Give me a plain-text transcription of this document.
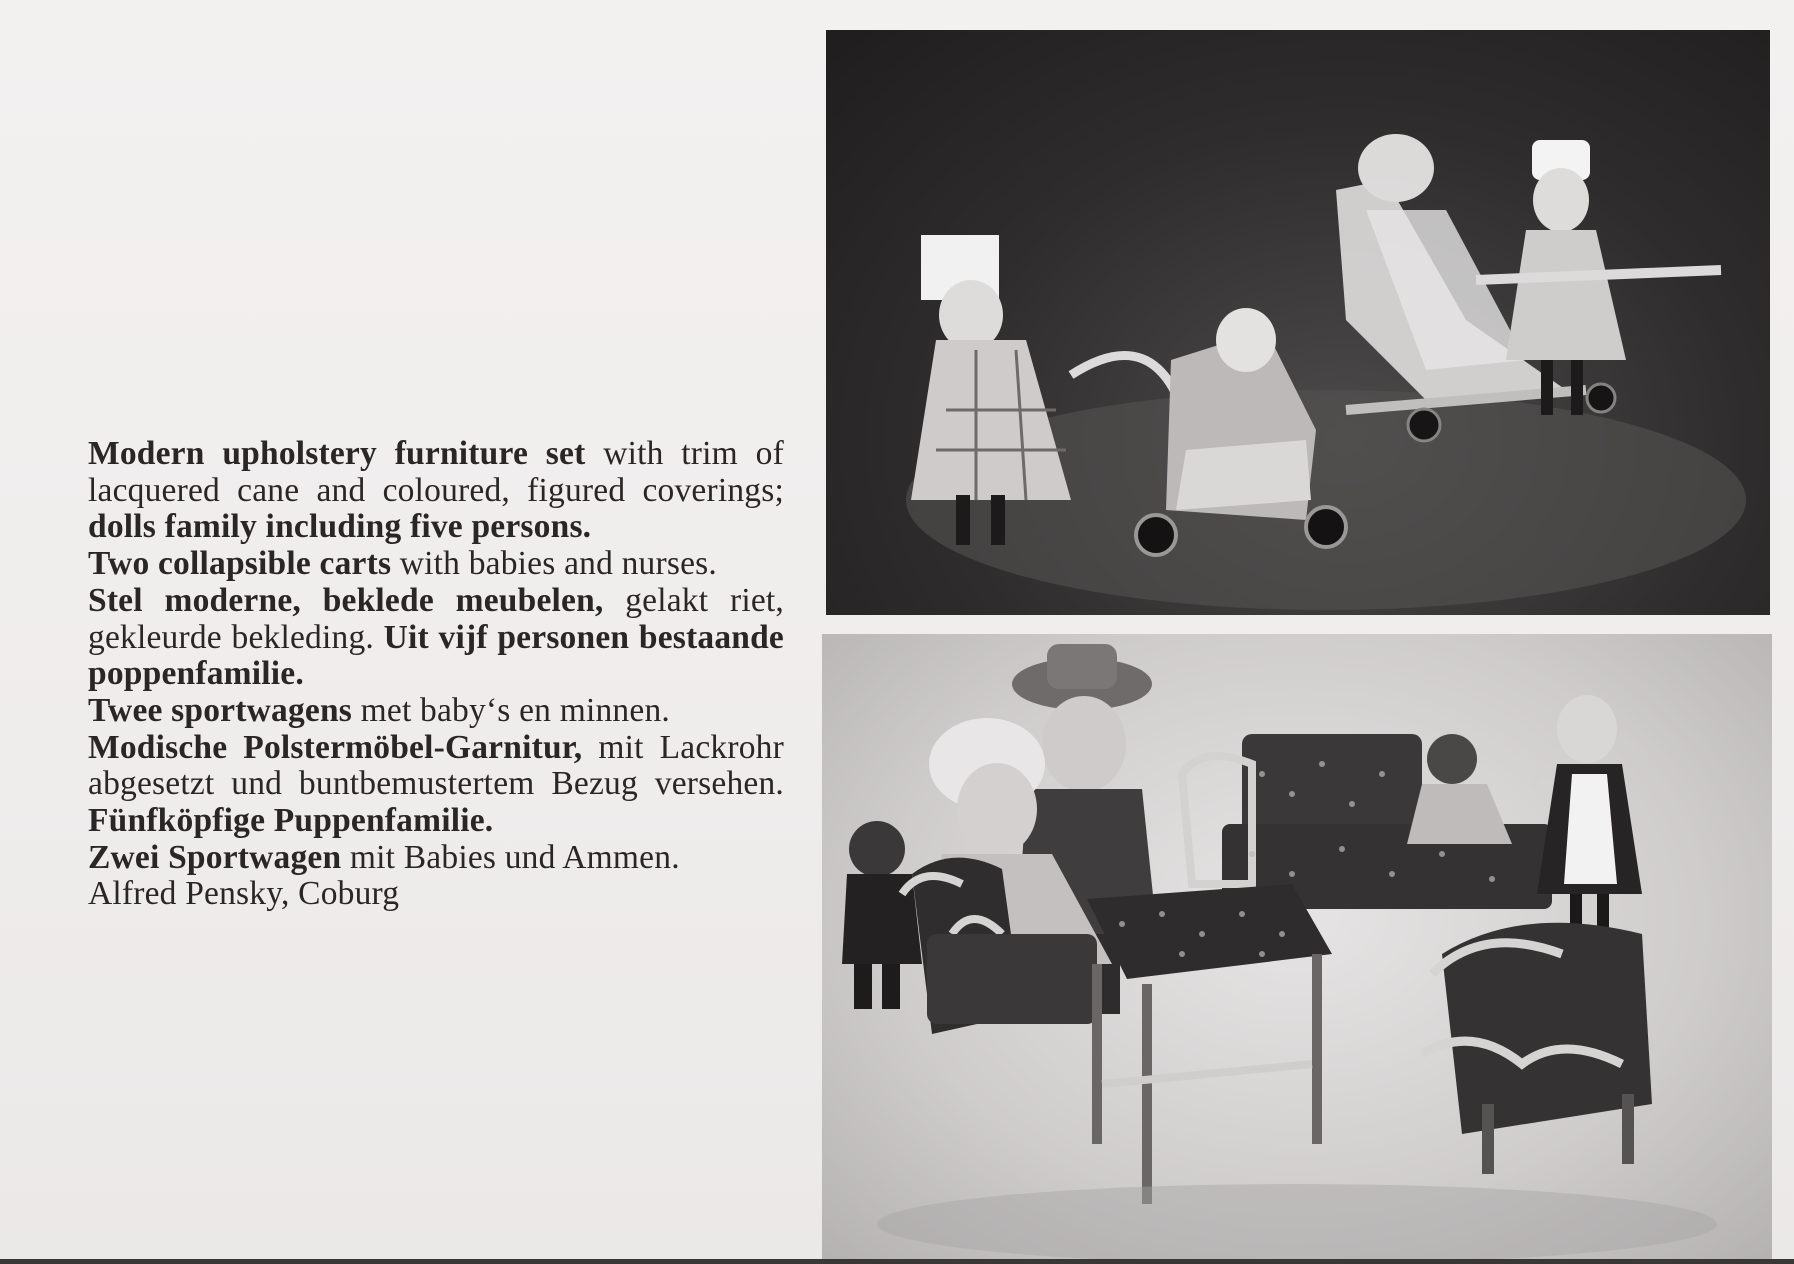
Modern upholstery furniture set with trim of lacquered cane and coloured, figured coverings; dolls family including five persons.
Two collapsible carts with babies and nurses.
Stel moderne, beklede meubelen, gelakt riet, gekleurde bekleding. Uit vijf personen bestaande poppenfamilie.
Twee sportwagens met baby‘s en minnen.
Modische Polstermöbel-Garnitur, mit Lackrohr abgesetzt und buntbemustertem Bezug versehen. Fünfköpfige Puppenfamilie.
Zwei Sportwagen mit Babies und Ammen.

Alfred Pensky, Coburg
